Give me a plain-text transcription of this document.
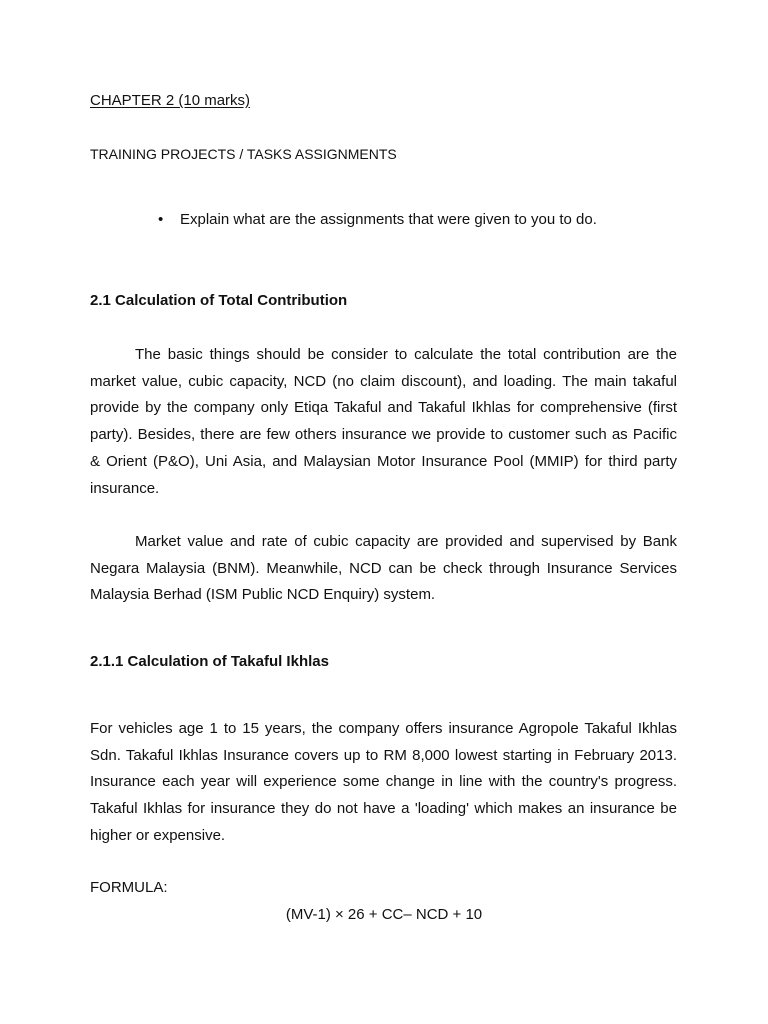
CHAPTER 2 (10 marks)

TRAINING PROJECTS / TASKS ASSIGNMENTS

• Explain what are the assignments that were given to you to do.

2.1 Calculation of Total Contribution

The basic things should be consider to calculate the total contribution are the market value, cubic capacity, NCD (no claim discount), and loading. The main takaful provide by the company only Etiqa Takaful and Takaful Ikhlas for comprehensive (first party). Besides, there are few others insurance we provide to customer such as Pacific & Orient (P&O), Uni Asia, and Malaysian Motor Insurance Pool (MMIP) for third party insurance.

Market value and rate of cubic capacity are provided and supervised by Bank Negara Malaysia (BNM). Meanwhile, NCD can be check through Insurance Services Malaysia Berhad (ISM Public NCD Enquiry) system.

2.1.1 Calculation of Takaful Ikhlas

For vehicles age 1 to 15 years, the company offers insurance Agropole Takaful Ikhlas Sdn. Takaful Ikhlas Insurance covers up to RM 8,000 lowest starting in February 2013. Insurance each year will experience some change in line with the country's progress. Takaful Ikhlas for insurance they do not have a 'loading' which makes an insurance be higher or expensive.

FORMULA:

(MV-1) × 26 + CC– NCD + 10
